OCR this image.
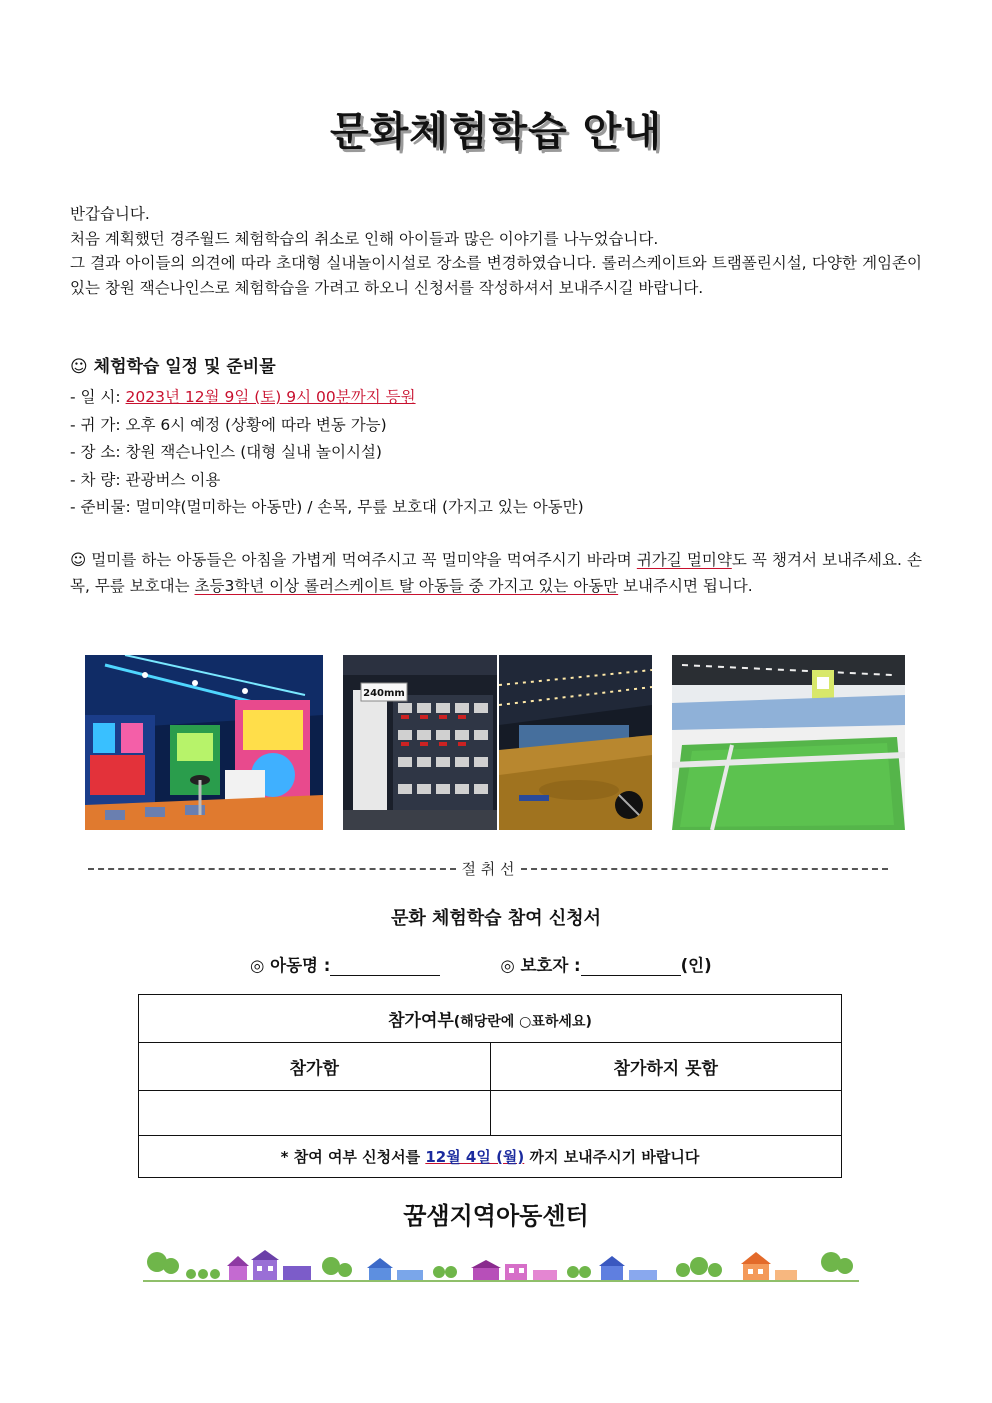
문화체험학습 안내

반갑습니다.

처음 계획했던 경주월드 체험학습의 취소로 인해 아이들과 많은 이야기를 나누었습니다.

그 결과 아이들의 의견에 따라 초대형 실내놀이시설로 장소를 변경하였습니다. 롤러스케이트와 트램폴린시설, 다양한 게임존이 있는 창원 잭슨나인스로 체험학습을 가려고 하오니 신청서를 작성하셔서 보내주시길 바랍니다.

☺ 체험학습 일정 및 준비물
- 일 시: 2023년 12월 9일 (토) 9시 00분까지 등원
- 귀 가: 오후 6시 예정 (상황에 따라 변동 가능)
- 장 소: 창원 잭슨나인스 (대형 실내 놀이시설)
- 차 량: 관광버스 이용
- 준비물: 멀미약(멀미하는 아동만) / 손목, 무릎 보호대 (가지고 있는 아동만)
☺ 멀미를 하는 아동들은 아침을 가볍게 먹여주시고 꼭 멀미약을 먹여주시기 바라며 귀가길 멀미약도 꼭 챙겨서 보내주세요. 손목, 무릎 보호대는 초등3학년 이상 롤러스케이트 탈 아동들 중 가지고 있는 아동만 보내주시면 됩니다.
240mm
절 취 선
문화 체험학습 참여 신청서
◎ 아동명 :	◎ 보호자 :	(인)
참가여부(해당란에 ○표하세요)	
참가함	참가하지 못함

* 참여 여부 신청서를 12월 4일 (월) 까지 보내주시기 바랍니다	
꿈샘지역아동센터
